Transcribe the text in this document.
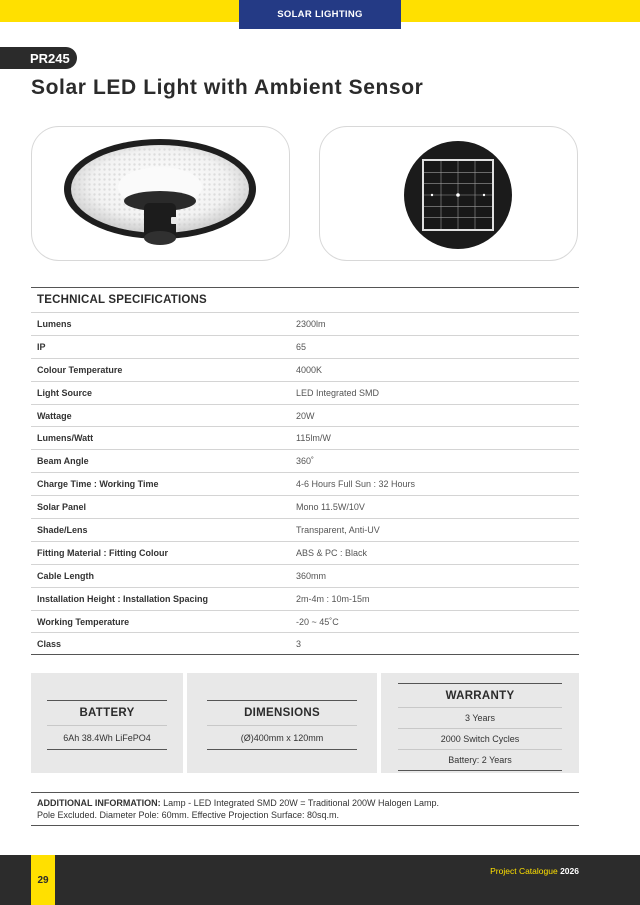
SOLAR LIGHTING
PR245
Solar LED Light with Ambient Sensor
TECHNICAL SPECIFICATIONS
Lumens	2300lm
IP	65
Colour Temperature	4000K
Light Source	LED Integrated SMD
Wattage	20W
Lumens/Watt	115lm/W
Beam Angle	360˚
Charge Time : Working Time	4-6 Hours Full Sun : 32 Hours
Solar Panel	Mono 11.5W/10V
Shade/Lens	Transparent, Anti-UV
Fitting Material : Fitting Colour	ABS & PC : Black
Cable Length	360mm
Installation Height : Installation Spacing	2m-4m : 10m-15m
Working Temperature	-20 ~ 45˚C
Class	3
BATTERY
6Ah 38.4Wh LiFePO4
DIMENSIONS
(Ø)400mm x 120mm
WARRANTY
3 Years
2000 Switch Cycles
Battery: 2 Years
ADDITIONAL INFORMATION: Lamp - LED Integrated SMD 20W = Traditional 200W Halogen Lamp.
Pole Excluded. Diameter Pole: 60mm. Effective Projection Surface: 80sq.m.
29
Project Catalogue 2026
